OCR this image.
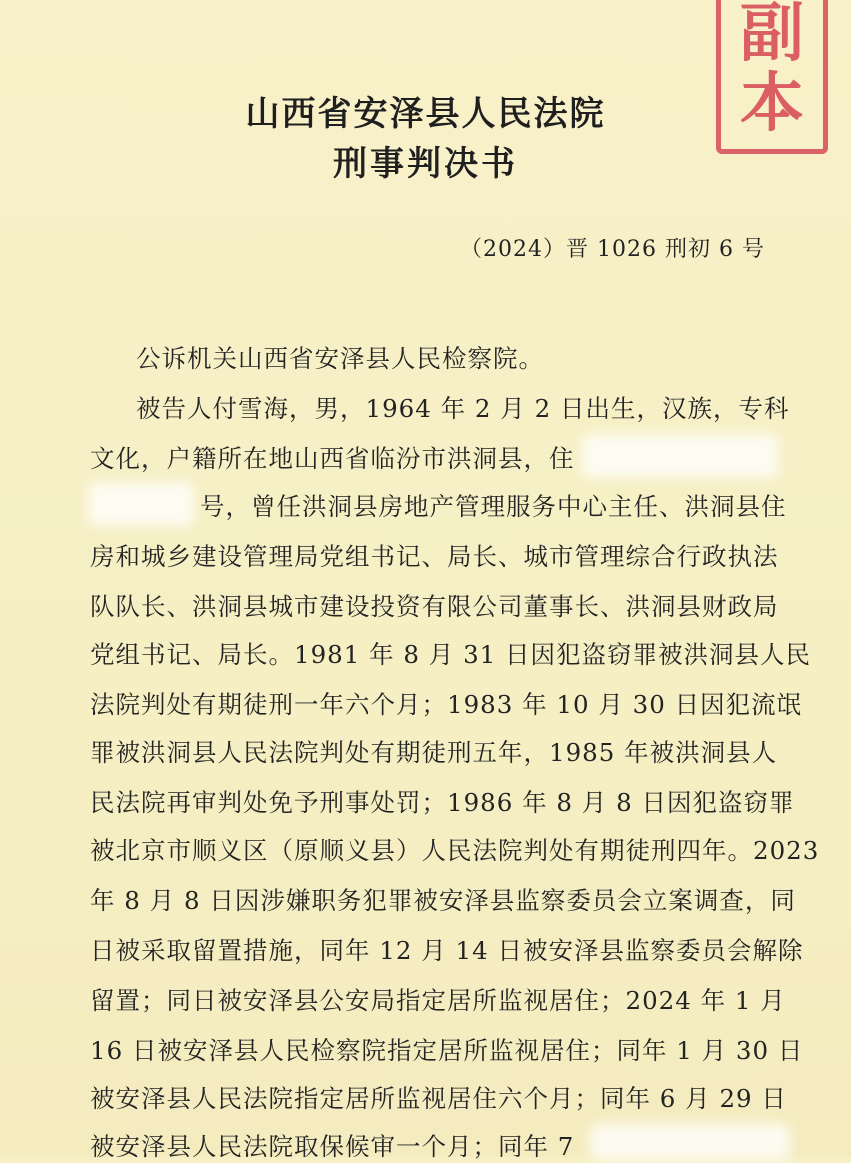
副
本
山西省安泽县人民法院
刑事判决书
（2024）晋 1026 刑初 6 号
公诉机关山西省安泽县人民检察院。
被告人付雪海，男，1964 年 2 月 2 日出生，汉族，专科
文化，户籍所在地山西省临汾市洪洞县，住
号，曾任洪洞县房地产管理服务中心主任、洪洞县住
房和城乡建设管理局党组书记、局长、城市管理综合行政执法
队队长、洪洞县城市建设投资有限公司董事长、洪洞县财政局
党组书记、局长。1981 年 8 月 31 日因犯盗窃罪被洪洞县人民
法院判处有期徒刑一年六个月；1983 年 10 月 30 日因犯流氓
罪被洪洞县人民法院判处有期徒刑五年，1985 年被洪洞县人
民法院再审判处免予刑事处罚；1986 年 8 月 8 日因犯盗窃罪
被北京市顺义区（原顺义县）人民法院判处有期徒刑四年。2023
年 8 月 8 日因涉嫌职务犯罪被安泽县监察委员会立案调查，同
日被采取留置措施，同年 12 月 14 日被安泽县监察委员会解除
留置；同日被安泽县公安局指定居所监视居住；2024 年 1 月
16 日被安泽县人民检察院指定居所监视居住；同年 1 月 30 日
被安泽县人民法院指定居所监视居住六个月；同年 6 月 29 日
被安泽县人民法院取保候审一个月；同年 7
